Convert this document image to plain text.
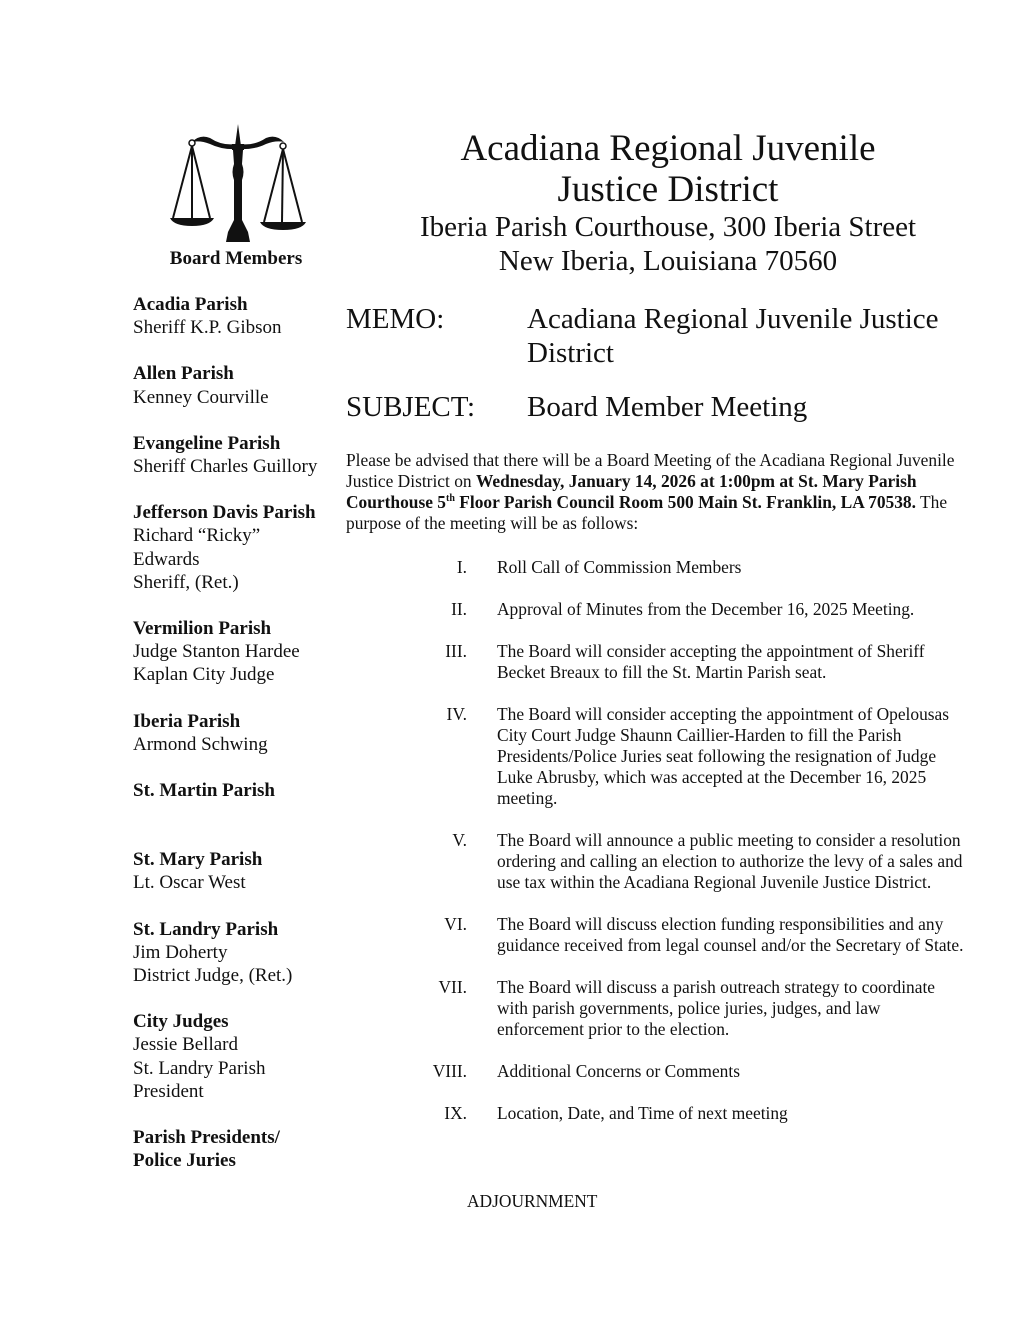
Board Members
Acadia Parish
Sheriff K.P. Gibson
Allen Parish
Kenney Courville
Evangeline Parish
Sheriff Charles Guillory
Jefferson Davis Parish
Richard “Ricky”
Edwards
Sheriff, (Ret.)
Vermilion Parish
Judge Stanton Hardee
Kaplan City Judge
Iberia Parish
Armond Schwing
St. Martin Parish
St. Mary Parish
Lt. Oscar West
St. Landry Parish
Jim Doherty
District Judge, (Ret.)
City Judges
Jessie Bellard
St. Landry Parish
President
Parish Presidents/
Police Juries
Acadiana Regional Juvenile
Justice District
Iberia Parish Courthouse, 300 Iberia Street
New Iberia, Louisiana 70560
MEMO:	Acadiana Regional Juvenile Justice District
SUBJECT:	Board Member Meeting
Please be advised that there will be a Board Meeting of the Acadiana Regional Juvenile Justice District on Wednesday, January 14, 2026 at 1:00pm at St. Mary Parish Courthouse 5th Floor Parish Council Room 500 Main St. Franklin, LA 70538. The purpose of the meeting will be as follows:
I.	Roll Call of Commission Members
II.	Approval of Minutes from the December 16, 2025 Meeting.
III.	The Board will consider accepting the appointment of Sheriff Becket Breaux to fill the St. Martin Parish seat.
IV.	The Board will consider accepting the appointment of Opelousas City Court Judge Shaunn Caillier-Harden to fill the Parish Presidents/Police Juries seat following the resignation of Judge Luke Abrusby, which was accepted at the December 16, 2025 meeting.
V.	The Board will announce a public meeting to consider a resolution ordering and calling an election to authorize the levy of a sales and use tax within the Acadiana Regional Juvenile Justice District.
VI.	The Board will discuss election funding responsibilities and any guidance received from legal counsel and/or the Secretary of State.
VII.	The Board will discuss a parish outreach strategy to coordinate with parish governments, police juries, judges, and law enforcement prior to the election.
VIII.	Additional Concerns or Comments
IX.	Location, Date, and Time of next meeting
ADJOURNMENT
